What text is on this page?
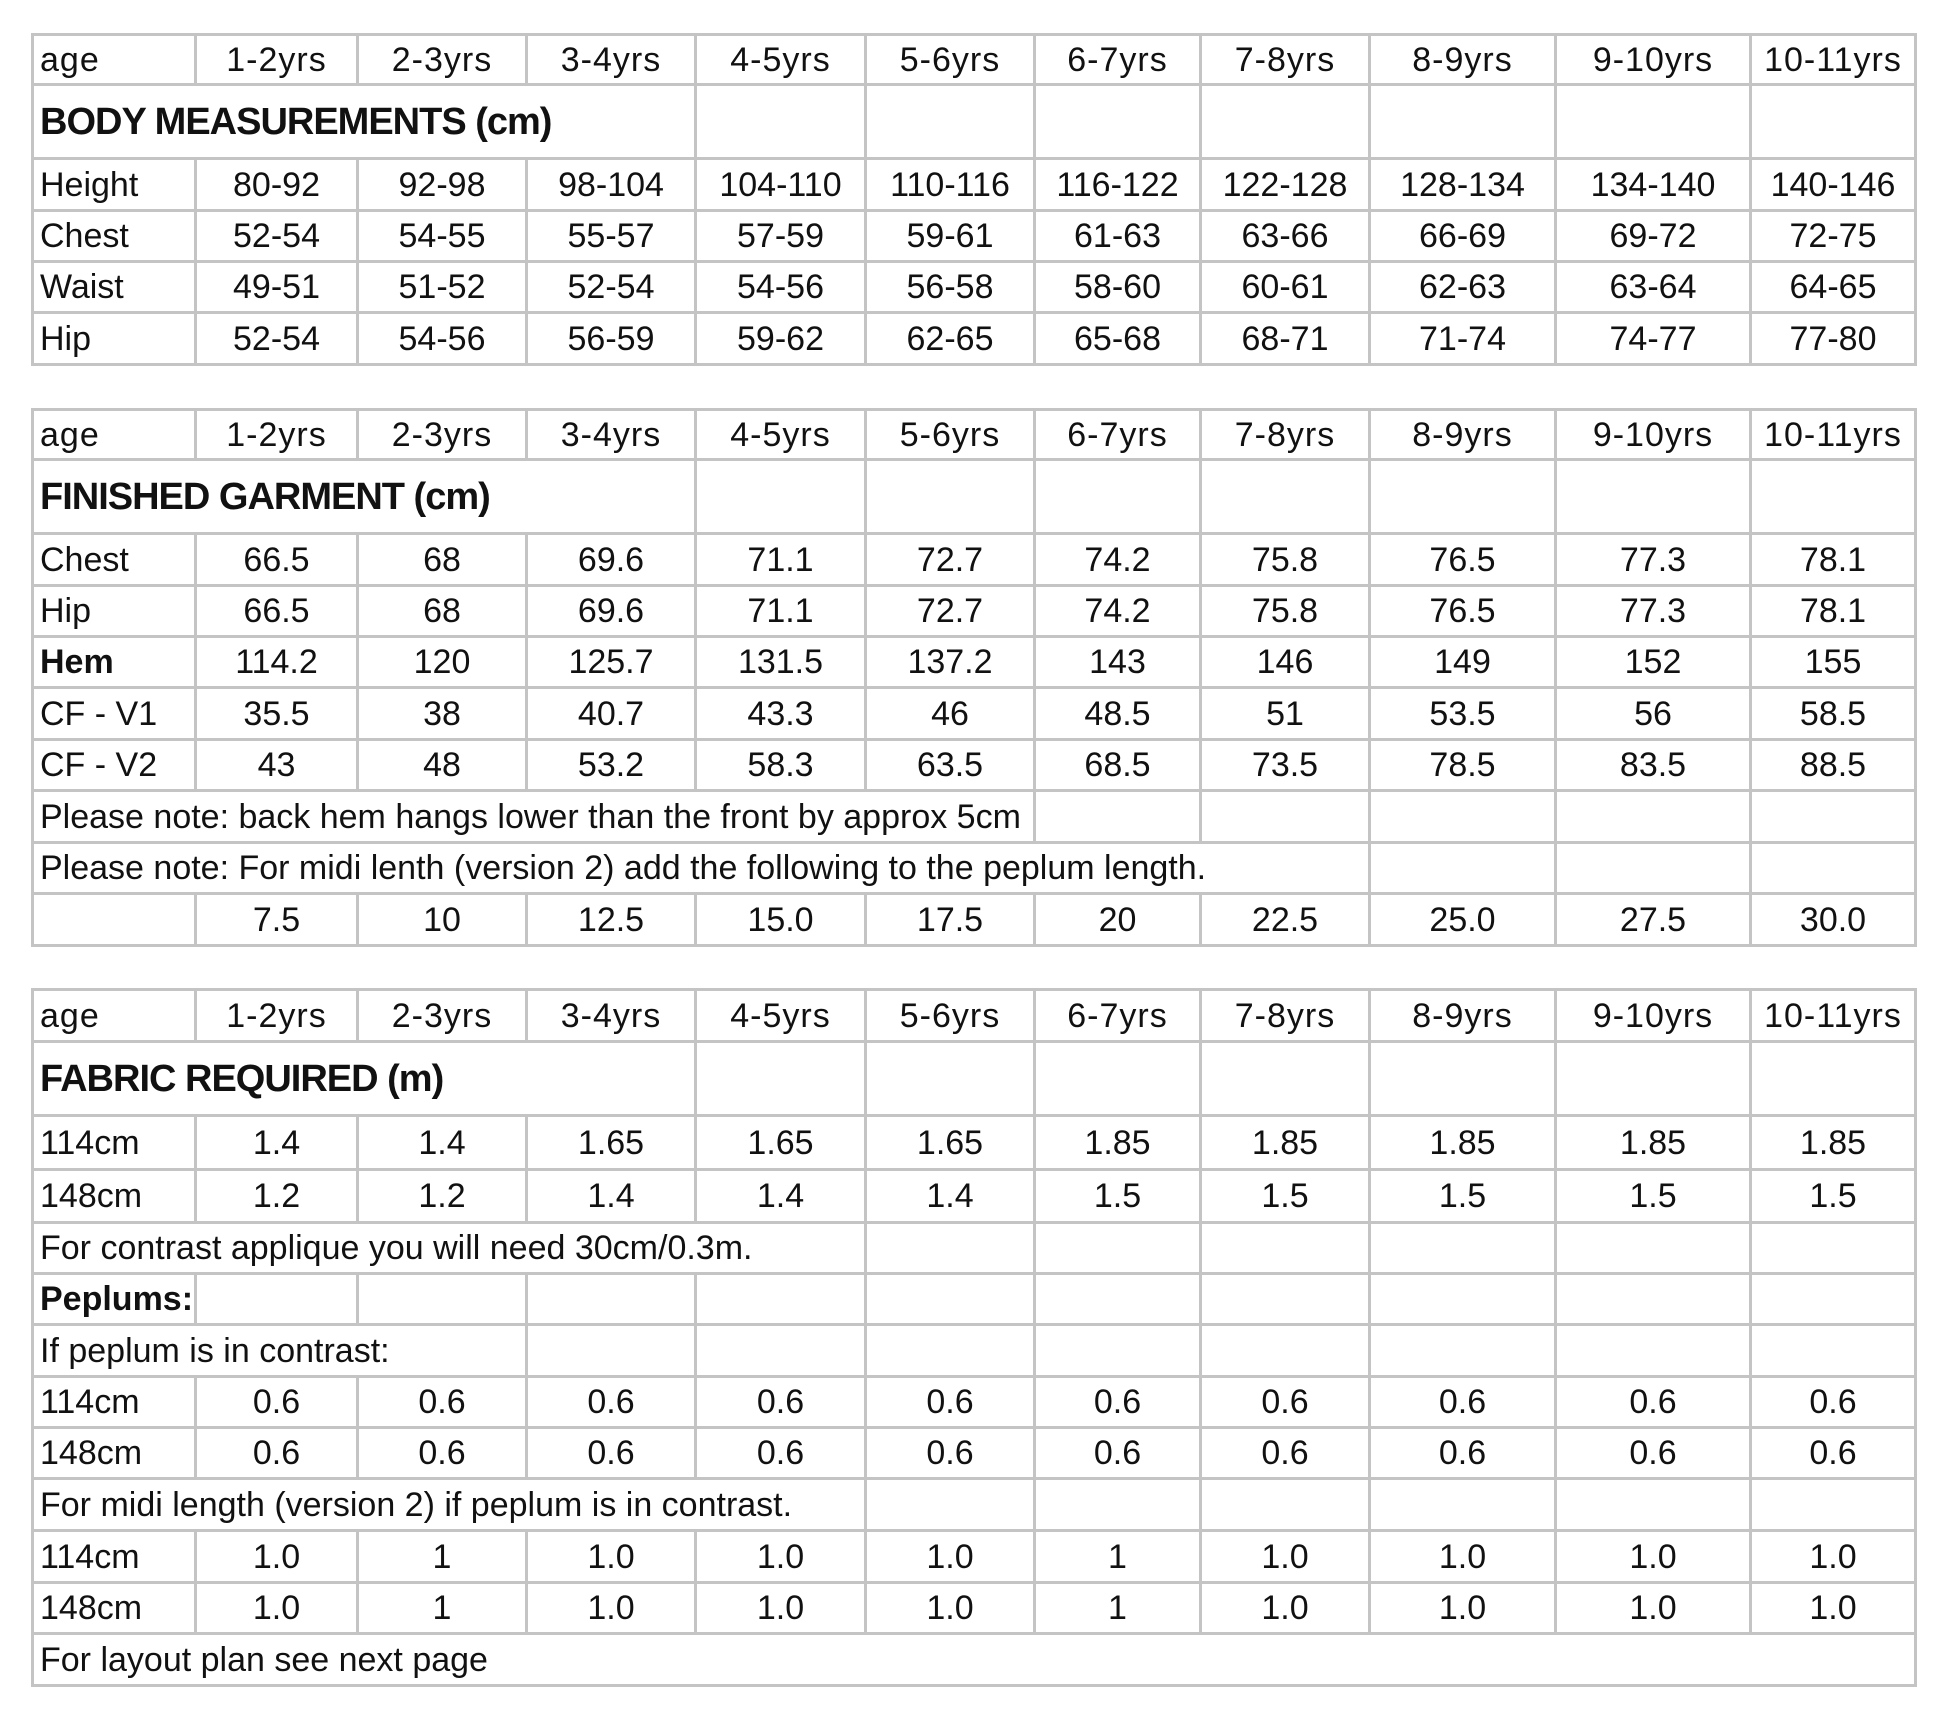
age	1-2yrs	2-3yrs	3-4yrs	4-5yrs	5-6yrs	6-7yrs	7-8yrs	8-9yrs	9-10yrs	10-11yrs
BODY MEASUREMENTS (cm)										
Height	80-92	92-98	98-104	104-110	110-116	116-122	122-128	128-134	134-140	140-146
Chest	52-54	54-55	55-57	57-59	59-61	61-63	63-66	66-69	69-72	72-75
Waist	49-51	51-52	52-54	54-56	56-58	58-60	60-61	62-63	63-64	64-65
Hip	52-54	54-56	56-59	59-62	62-65	65-68	68-71	71-74	74-77	77-80
age	1-2yrs	2-3yrs	3-4yrs	4-5yrs	5-6yrs	6-7yrs	7-8yrs	8-9yrs	9-10yrs	10-11yrs
FINISHED GARMENT (cm)										
Chest	66.5	68	69.6	71.1	72.7	74.2	75.8	76.5	77.3	78.1
Hip	66.5	68	69.6	71.1	72.7	74.2	75.8	76.5	77.3	78.1
Hem	114.2	120	125.7	131.5	137.2	143	146	149	152	155
CF - V1	35.5	38	40.7	43.3	46	48.5	51	53.5	56	58.5
CF - V2	43	48	53.2	58.3	63.5	68.5	73.5	78.5	83.5	88.5
Please note: back hem hangs lower than the front by approx 5cm										
Please note: For midi lenth (version 2) add the following to the peplum length.										
	7.5	10	12.5	15.0	17.5	20	22.5	25.0	27.5	30.0
age	1-2yrs	2-3yrs	3-4yrs	4-5yrs	5-6yrs	6-7yrs	7-8yrs	8-9yrs	9-10yrs	10-11yrs
FABRIC REQUIRED (m)										
114cm	1.4	1.4	1.65	1.65	1.65	1.85	1.85	1.85	1.85	1.85
148cm	1.2	1.2	1.4	1.4	1.4	1.5	1.5	1.5	1.5	1.5
For contrast applique you will need 30cm/0.3m.										
Peplums:										
If peplum is in contrast:										
114cm	0.6	0.6	0.6	0.6	0.6	0.6	0.6	0.6	0.6	0.6
148cm	0.6	0.6	0.6	0.6	0.6	0.6	0.6	0.6	0.6	0.6
For midi length (version 2) if peplum is in contrast.										
114cm	1.0	1	1.0	1.0	1.0	1	1.0	1.0	1.0	1.0
148cm	1.0	1	1.0	1.0	1.0	1	1.0	1.0	1.0	1.0
For layout plan see next page										
